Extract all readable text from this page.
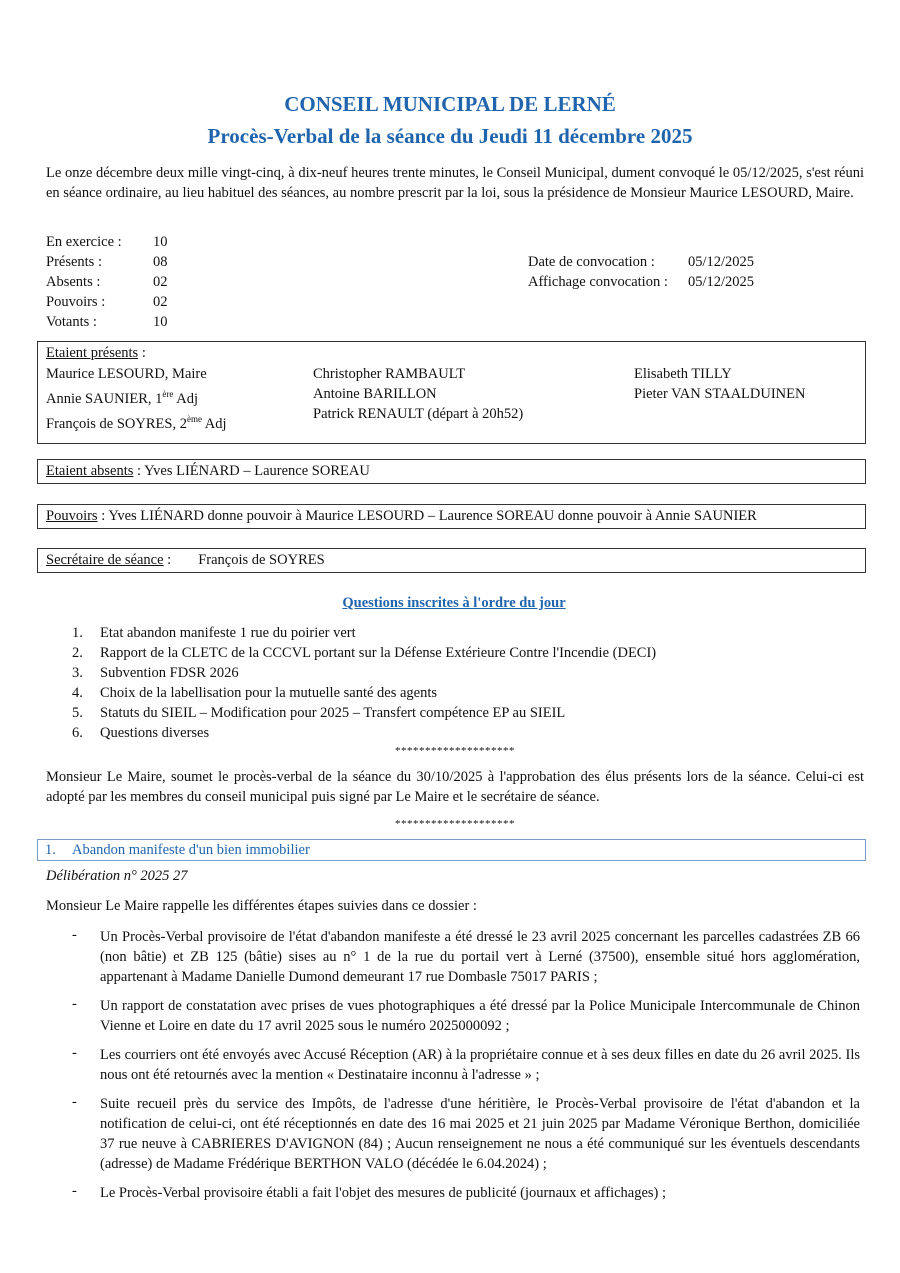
CONSEIL MUNICIPAL DE LERNÉ
Procès-Verbal de la séance du Jeudi 11 décembre 2025
Le onze décembre deux mille vingt-cinq, à dix-neuf heures trente minutes, le Conseil Municipal, dument convoqué le 05/12/2025, s'est réuni en séance ordinaire, au lieu habituel des séances, au nombre prescrit par la loi, sous la présidence de Monsieur Maurice LESOURD, Maire.
En exercice :	10
Présents :	08
Absents :	02
Pouvoirs :	02
Votants :	10
Date de convocation : 05/12/2025
Affichage convocation : 05/12/2025
Etaient présents :
Maurice LESOURD, Maire
Annie SAUNIER, 1ère Adj
François de SOYRES, 2ème Adj
Christopher RAMBAULT
Antoine BARILLON
Patrick RENAULT (départ à 20h52)
Elisabeth TILLY
Pieter VAN STAALDUINEN
Etaient absents : Yves LIÉNARD – Laurence SOREAU
Pouvoirs : Yves LIÉNARD donne pouvoir à Maurice LESOURD – Laurence SOREAU donne pouvoir à Annie SAUNIER
Secrétaire de séance : François de SOYRES
Questions inscrites à l'ordre du jour
1. Etat abandon manifeste 1 rue du poirier vert
2. Rapport de la CLETC de la CCCVL portant sur la Défense Extérieure Contre l'Incendie (DECI)
3. Subvention FDSR 2026
4. Choix de la labellisation pour la mutuelle santé des agents
5. Statuts du SIEIL – Modification pour 2025 – Transfert compétence EP au SIEIL
6. Questions diverses
********************
Monsieur Le Maire, soumet le procès-verbal de la séance du 30/10/2025 à l'approbation des élus présents lors de la séance. Celui-ci est adopté par les membres du conseil municipal puis signé par Le Maire et le secrétaire de séance.
********************
1. Abandon manifeste d'un bien immobilier
Délibération n° 2025 27
Monsieur Le Maire rappelle les différentes étapes suivies dans ce dossier :
- Un Procès-Verbal provisoire de l'état d'abandon manifeste a été dressé le 23 avril 2025 concernant les parcelles cadastrées ZB 66 (non bâtie) et ZB 125 (bâtie) sises au n° 1 de la rue du portail vert à Lerné (37500), ensemble situé hors agglomération, appartenant à Madame Danielle Dumond demeurant 17 rue Dombasle 75017 PARIS ;
- Un rapport de constatation avec prises de vues photographiques a été dressé par la Police Municipale Intercommunale de Chinon Vienne et Loire en date du 17 avril 2025 sous le numéro 2025000092 ;
- Les courriers ont été envoyés avec Accusé Réception (AR) à la propriétaire connue et à ses deux filles en date du 26 avril 2025. Ils nous ont été retournés avec la mention « Destinataire inconnu à l'adresse » ;
- Suite recueil près du service des Impôts, de l'adresse d'une héritière, le Procès-Verbal provisoire de l'état d'abandon et la notification de celui-ci, ont été réceptionnés en date des 16 mai 2025 et 21 juin 2025 par Madame Véronique Berthon, domiciliée 37 rue neuve à CABRIERES D'AVIGNON (84) ; Aucun renseignement ne nous a été communiqué sur les éventuels descendants (adresse) de Madame Frédérique BERTHON VALO (décédée le 6.04.2024) ;
- Le Procès-Verbal provisoire établi a fait l'objet des mesures de publicité (journaux et affichages) ;
